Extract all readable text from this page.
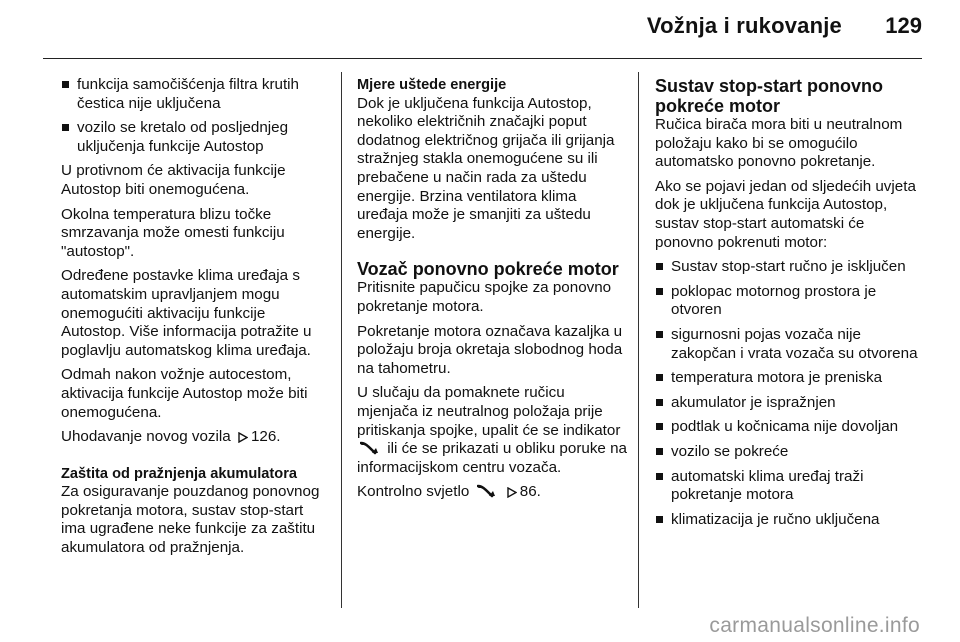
Vožnja i rukovanje 129
funkcija samočišćenja filtra krutih čestica nije uključena
vozilo se kretalo od posljednjeg uključenja funkcije Autostop

U protivnom će aktivacija funkcije Autostop biti onemogućena.

Okolna temperatura blizu točke smrzavanja može omesti funkciju "autostop".

Određene postavke klima uređaja s automatskim upravljanjem mogu onemogućiti aktivaciju funkcije Autostop. Više informacija potražite u poglavlju automatskog klima uređaja.

Odmah nakon vožnje autocestom, aktivacija funkcije Autostop može biti onemogućena.

Uhodavanje novog vozila 126.

Zaštita od pražnjenja akumulatora

Za osiguravanje pouzdanog ponovnog pokretanja motora, sustav stop-start ima ugrađene neke funkcije za zaštitu akumulatora od pražnjenja.

Mjere uštede energije

Dok je uključena funkcija Autostop, nekoliko električnih značajki poput dodatnog električnog grijača ili grijanja stražnjeg stakla onemogućene su ili prebačene u način rada za uštedu energije. Brzina ventilatora klima uređaja može je smanjiti za uštedu energije.

Vozač ponovno pokreće motor

Pritisnite papučicu spojke za ponovno pokretanje motora.

Pokretanje motora označava kazaljka u položaju broja okretaja slobodnog hoda na tahometru.

U slučaju da pomaknete ručicu mjenjača iz neutralnog položaja prije pritiskanja spojke, upalit će se indikator  ili će se prikazati u obliku poruke na informacijskom centru vozača.

Kontrolno svjetlo	86.

Sustav stop-start ponovno pokreće motor

Ručica birača mora biti u neutralnom položaju kako bi se omogućilo automatsko ponovno pokretanje.

Ako se pojavi jedan od sljedećih uvjeta dok je uključena funkcija Autostop, sustav stop-start automatski će ponovno pokrenuti motor:

Sustav stop-start ručno je isključen
poklopac motornog prostora je otvoren
sigurnosni pojas vozača nije zakopčan i vrata vozača su otvorena
temperatura motora je preniska
akumulator je ispražnjen
podtlak u kočnicama nije dovoljan
vozilo se pokreće
automatski klima uređaj traži pokretanje motora
klimatizacija je ručno uključena
carmanualsonline.info
